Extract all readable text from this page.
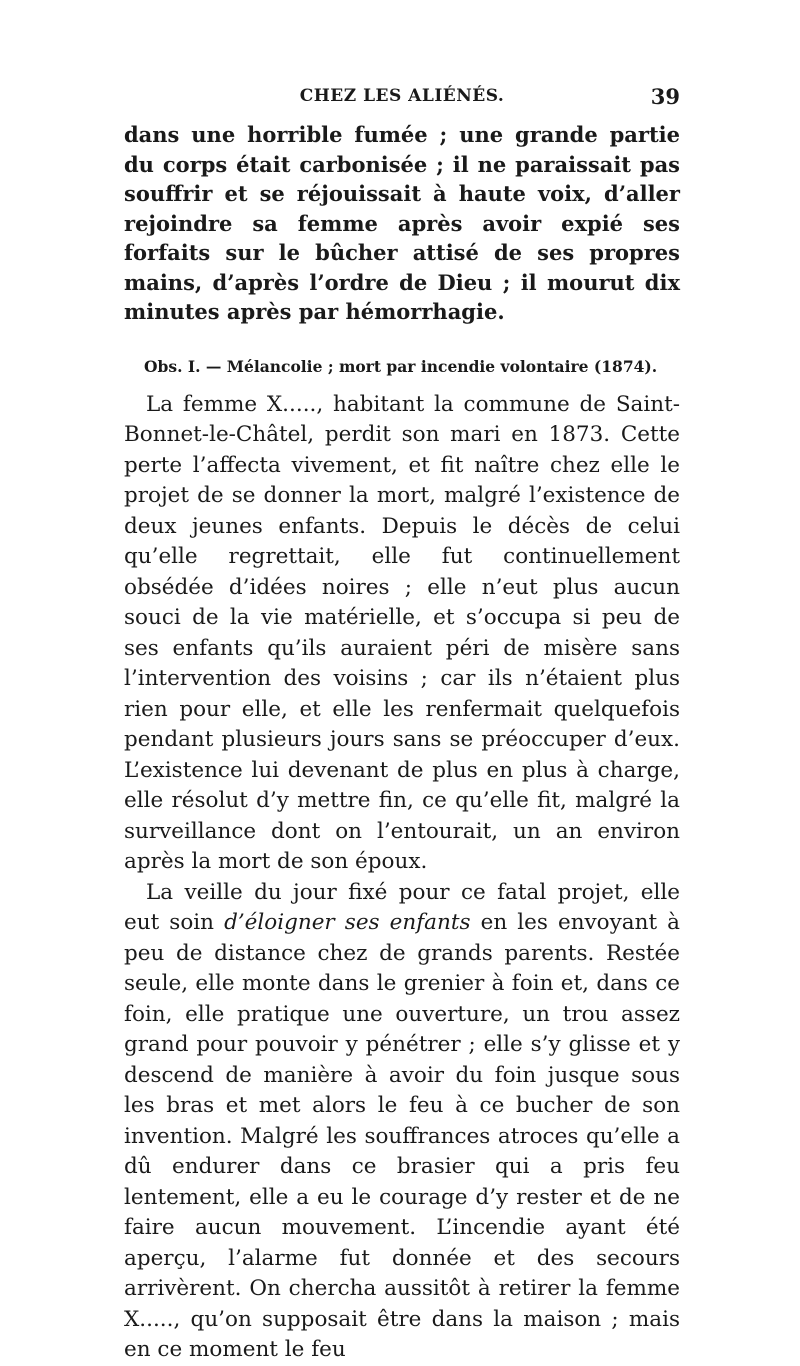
CHEZ LES ALIÉNÉS.	39

dans une horrible fumée ; une grande partie du corps était carbonisée ; il ne paraissait pas souffrir et se réjouissait à haute voix, d’aller rejoindre sa femme après avoir expié ses forfaits sur le bûcher attisé de ses propres mains, d’après l’ordre de Dieu ; il mourut dix minutes après par hémorrhagie.

Obs. I. — Mélancolie ; mort par incendie volontaire (1874).

La femme X....., habitant la commune de Saint-Bonnet-le-Châtel, perdit son mari en 1873. Cette perte l’affecta vivement, et fit naître chez elle le projet de se donner la mort, malgré l’existence de deux jeunes enfants. Depuis le décès de celui qu’elle regrettait, elle fut continuellement obsédée d’idées noires ; elle n’eut plus aucun souci de la vie matérielle, et s’occupa si peu de ses enfants qu’ils auraient péri de misère sans l’intervention des voisins ; car ils n’étaient plus rien pour elle, et elle les renfermait quelquefois pendant plusieurs jours sans se préoccuper d’eux. L’existence lui devenant de plus en plus à charge, elle résolut d’y mettre fin, ce qu’elle fit, malgré la surveillance dont on l’entourait, un an environ après la mort de son époux.

La veille du jour fixé pour ce fatal projet, elle eut soin d’éloigner ses enfants en les envoyant à peu de distance chez de grands parents. Restée seule, elle monte dans le grenier à foin et, dans ce foin, elle pratique une ouverture, un trou assez grand pour pouvoir y pénétrer ; elle s’y glisse et y descend de manière à avoir du foin jusque sous les bras et met alors le feu à ce bucher de son invention. Malgré les souffrances atroces qu’elle a dû endurer dans ce brasier qui a pris feu lentement, elle a eu le courage d’y rester et de ne faire aucun mouvement. L’incendie ayant été aperçu, l’alarme fut donnée et des secours arrivèrent. On chercha aussitôt à retirer la femme X....., qu’on supposait être dans la maison ; mais en ce moment le feu
